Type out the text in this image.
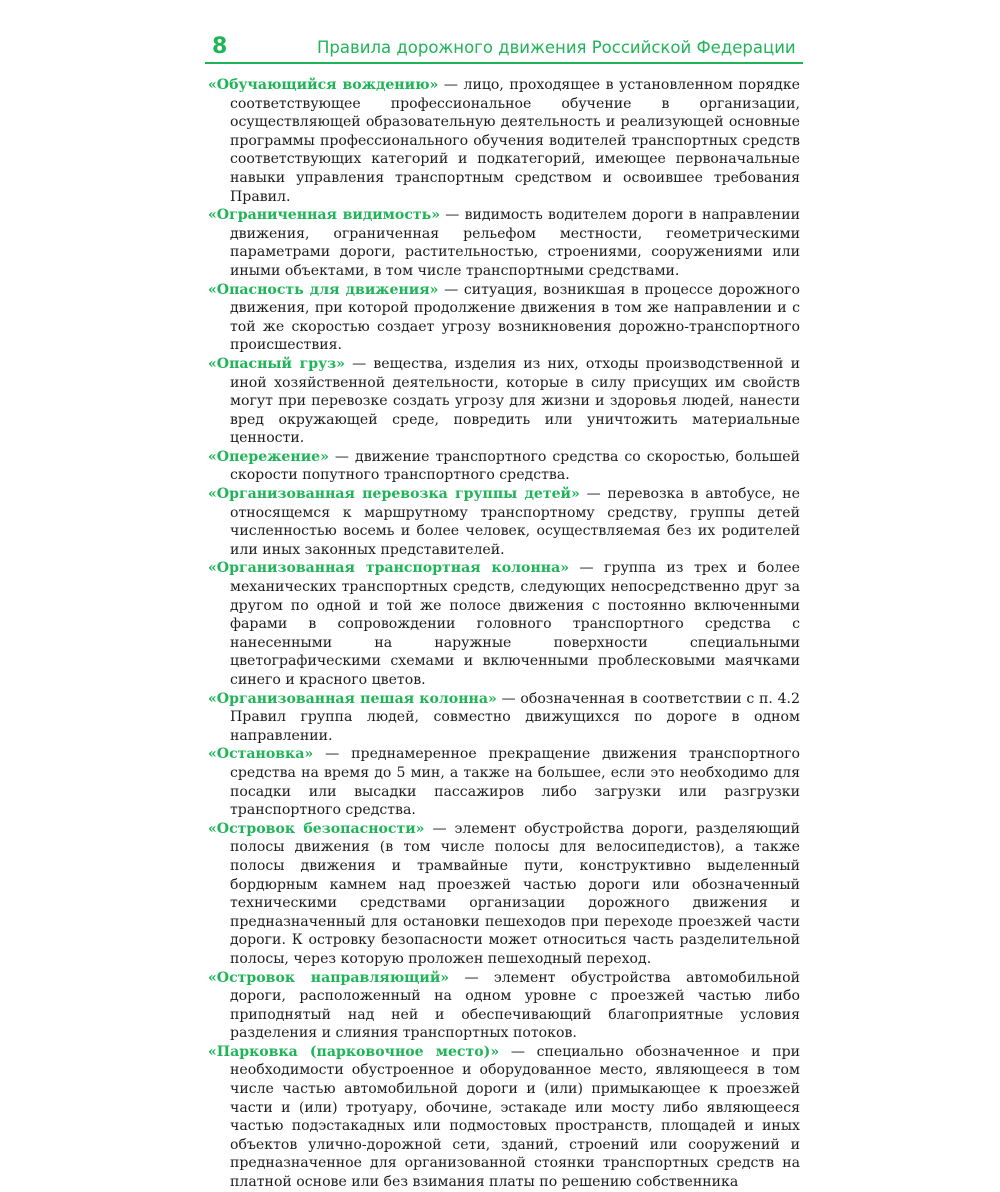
8	Правила дорожного движения Российской Федерации

«Обучающийся вождению» — лицо, проходящее в установленном порядке соответствующее профессиональное обучение в организации, осуществляющей образовательную деятельность и реализующей основные программы профессионального обучения водителей транспортных средств соответствующих категорий и подкатегорий, имеющее первоначальные навыки управления транспортным средством и освоившее требования Правил.

«Ограниченная видимость» — видимость водителем дороги в направлении движения, ограниченная рельефом местности, геометрическими параметрами дороги, растительностью, строениями, сооружениями или иными объектами, в том числе транспортными средствами.

«Опасность для движения» — ситуация, возникшая в процессе дорожного движения, при которой продолжение движения в том же направлении и с той же скоростью создает угрозу возникновения дорожно-транспортного происшествия.

«Опасный груз» — вещества, изделия из них, отходы производственной и иной хозяйственной деятельности, которые в силу присущих им свойств могут при перевозке создать угрозу для жизни и здоровья людей, нанести вред окружающей среде, повредить или уничтожить материальные ценности.

«Опережение» — движение транспортного средства со скоростью, большей скорости попутного транспортного средства.

«Организованная перевозка группы детей» — перевозка в автобусе, не относящемся к маршрутному транспортному средству, группы детей численностью восемь и более человек, осуществляемая без их родителей или иных законных представителей.

«Организованная транспортная колонна» — группа из трех и более механических транспортных средств, следующих непосредственно друг за другом по одной и той же полосе движения с постоянно включенными фарами в сопровождении головного транспортного средства с нанесенными на наружные поверхности специальными цветографическими схемами и включенными проблесковыми маячками синего и красного цветов.

«Организованная пешая колонна» — обозначенная в соответствии с п. 4.2 Правил группа людей, совместно движущихся по дороге в одном направлении.

«Остановка» — преднамеренное прекращение движения транспортного средства на время до 5 мин, а также на большее, если это необходимо для посадки или высадки пассажиров либо загрузки или разгрузки транспортного средства.

«Островок безопасности» — элемент обустройства дороги, разделяющий полосы движения (в том числе полосы для велосипедистов), а также полосы движения и трамвайные пути, конструктивно выделенный бордюрным камнем над проезжей частью дороги или обозначенный техническими средствами организации дорожного движения и предназначенный для остановки пешеходов при переходе проезжей части дороги. К островку безопасности может относиться часть разделительной полосы, через которую проложен пешеходный переход.

«Островок направляющий» — элемент обустройства автомобильной дороги, расположенный на одном уровне с проезжей частью либо приподнятый над ней и обеспечивающий благоприятные условия разделения и слияния транспортных потоков.

«Парковка (парковочное место)» — специально обозначенное и при необходимости обустроенное и оборудованное место, являющееся в том числе частью автомобильной дороги и (или) примыкающее к проезжей части и (или) тротуару, обочине, эстакаде или мосту либо являющееся частью подэстакадных или подмостовых пространств, площадей и иных объектов улично-дорожной сети, зданий, строений или сооружений и предназначенное для организованной стоянки транспортных средств на платной основе или без взимания платы по решению собственника
